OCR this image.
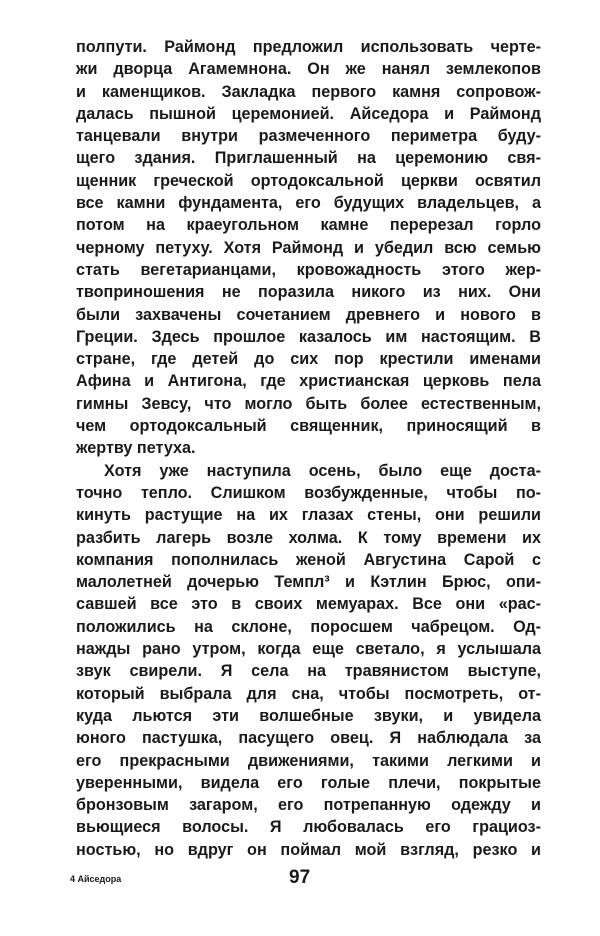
полпути. Раймонд предложил использовать черте-
жи дворца Агамемнона. Он же нанял землекопов
и каменщиков. Закладка первого камня сопровож-
далась пышной церемонией. Айседора и Раймонд
танцевали внутри размеченного периметра буду-
щего здания. Приглашенный на церемонию свя-
щенник греческой ортодоксальной церкви освятил
все камни фундамента, его будущих владельцев, а
потом на краеугольном камне перерезал горло
черному петуху. Хотя Раймонд и убедил всю семью
стать вегетарианцами, кровожадность этого жер-
твоприношения не поразила никого из них. Они
были захвачены сочетанием древнего и нового в
Греции. Здесь прошлое казалось им настоящим. В
стране, где детей до сих пор крестили именами
Афина и Антигона, где христианская церковь пела
гимны Зевсу, что могло быть более естественным,
чем ортодоксальный священник, приносящий в
жертву петуха.
Хотя уже наступила осень, было еще доста-
точно тепло. Слишком возбужденные, чтобы по-
кинуть растущие на их глазах стены, они решили
разбить лагерь возле холма. К тому времени их
компания пополнилась женой Августина Сарой с
малолетней дочерью Темпл³ и Кэтлин Брюс, опи-
савшей все это в своих мемуарах. Все они «рас-
положились на склоне, поросшем чабрецом. Од-
нажды рано утром, когда еще светало, я услышала
звук свирели. Я села на травянистом выступе,
который выбрала для сна, чтобы посмотреть, от-
куда льются эти волшебные звуки, и увидела
юного пастушка, пасущего овец. Я наблюдала за
его прекрасными движениями, такими легкими и
уверенными, видела его голые плечи, покрытые
бронзовым загаром, его потрепанную одежду и
вьющиеся волосы. Я любовалась его грациоз-
ностью, но вдруг он поймал мой взгляд, резко и
4 Айседора	97
